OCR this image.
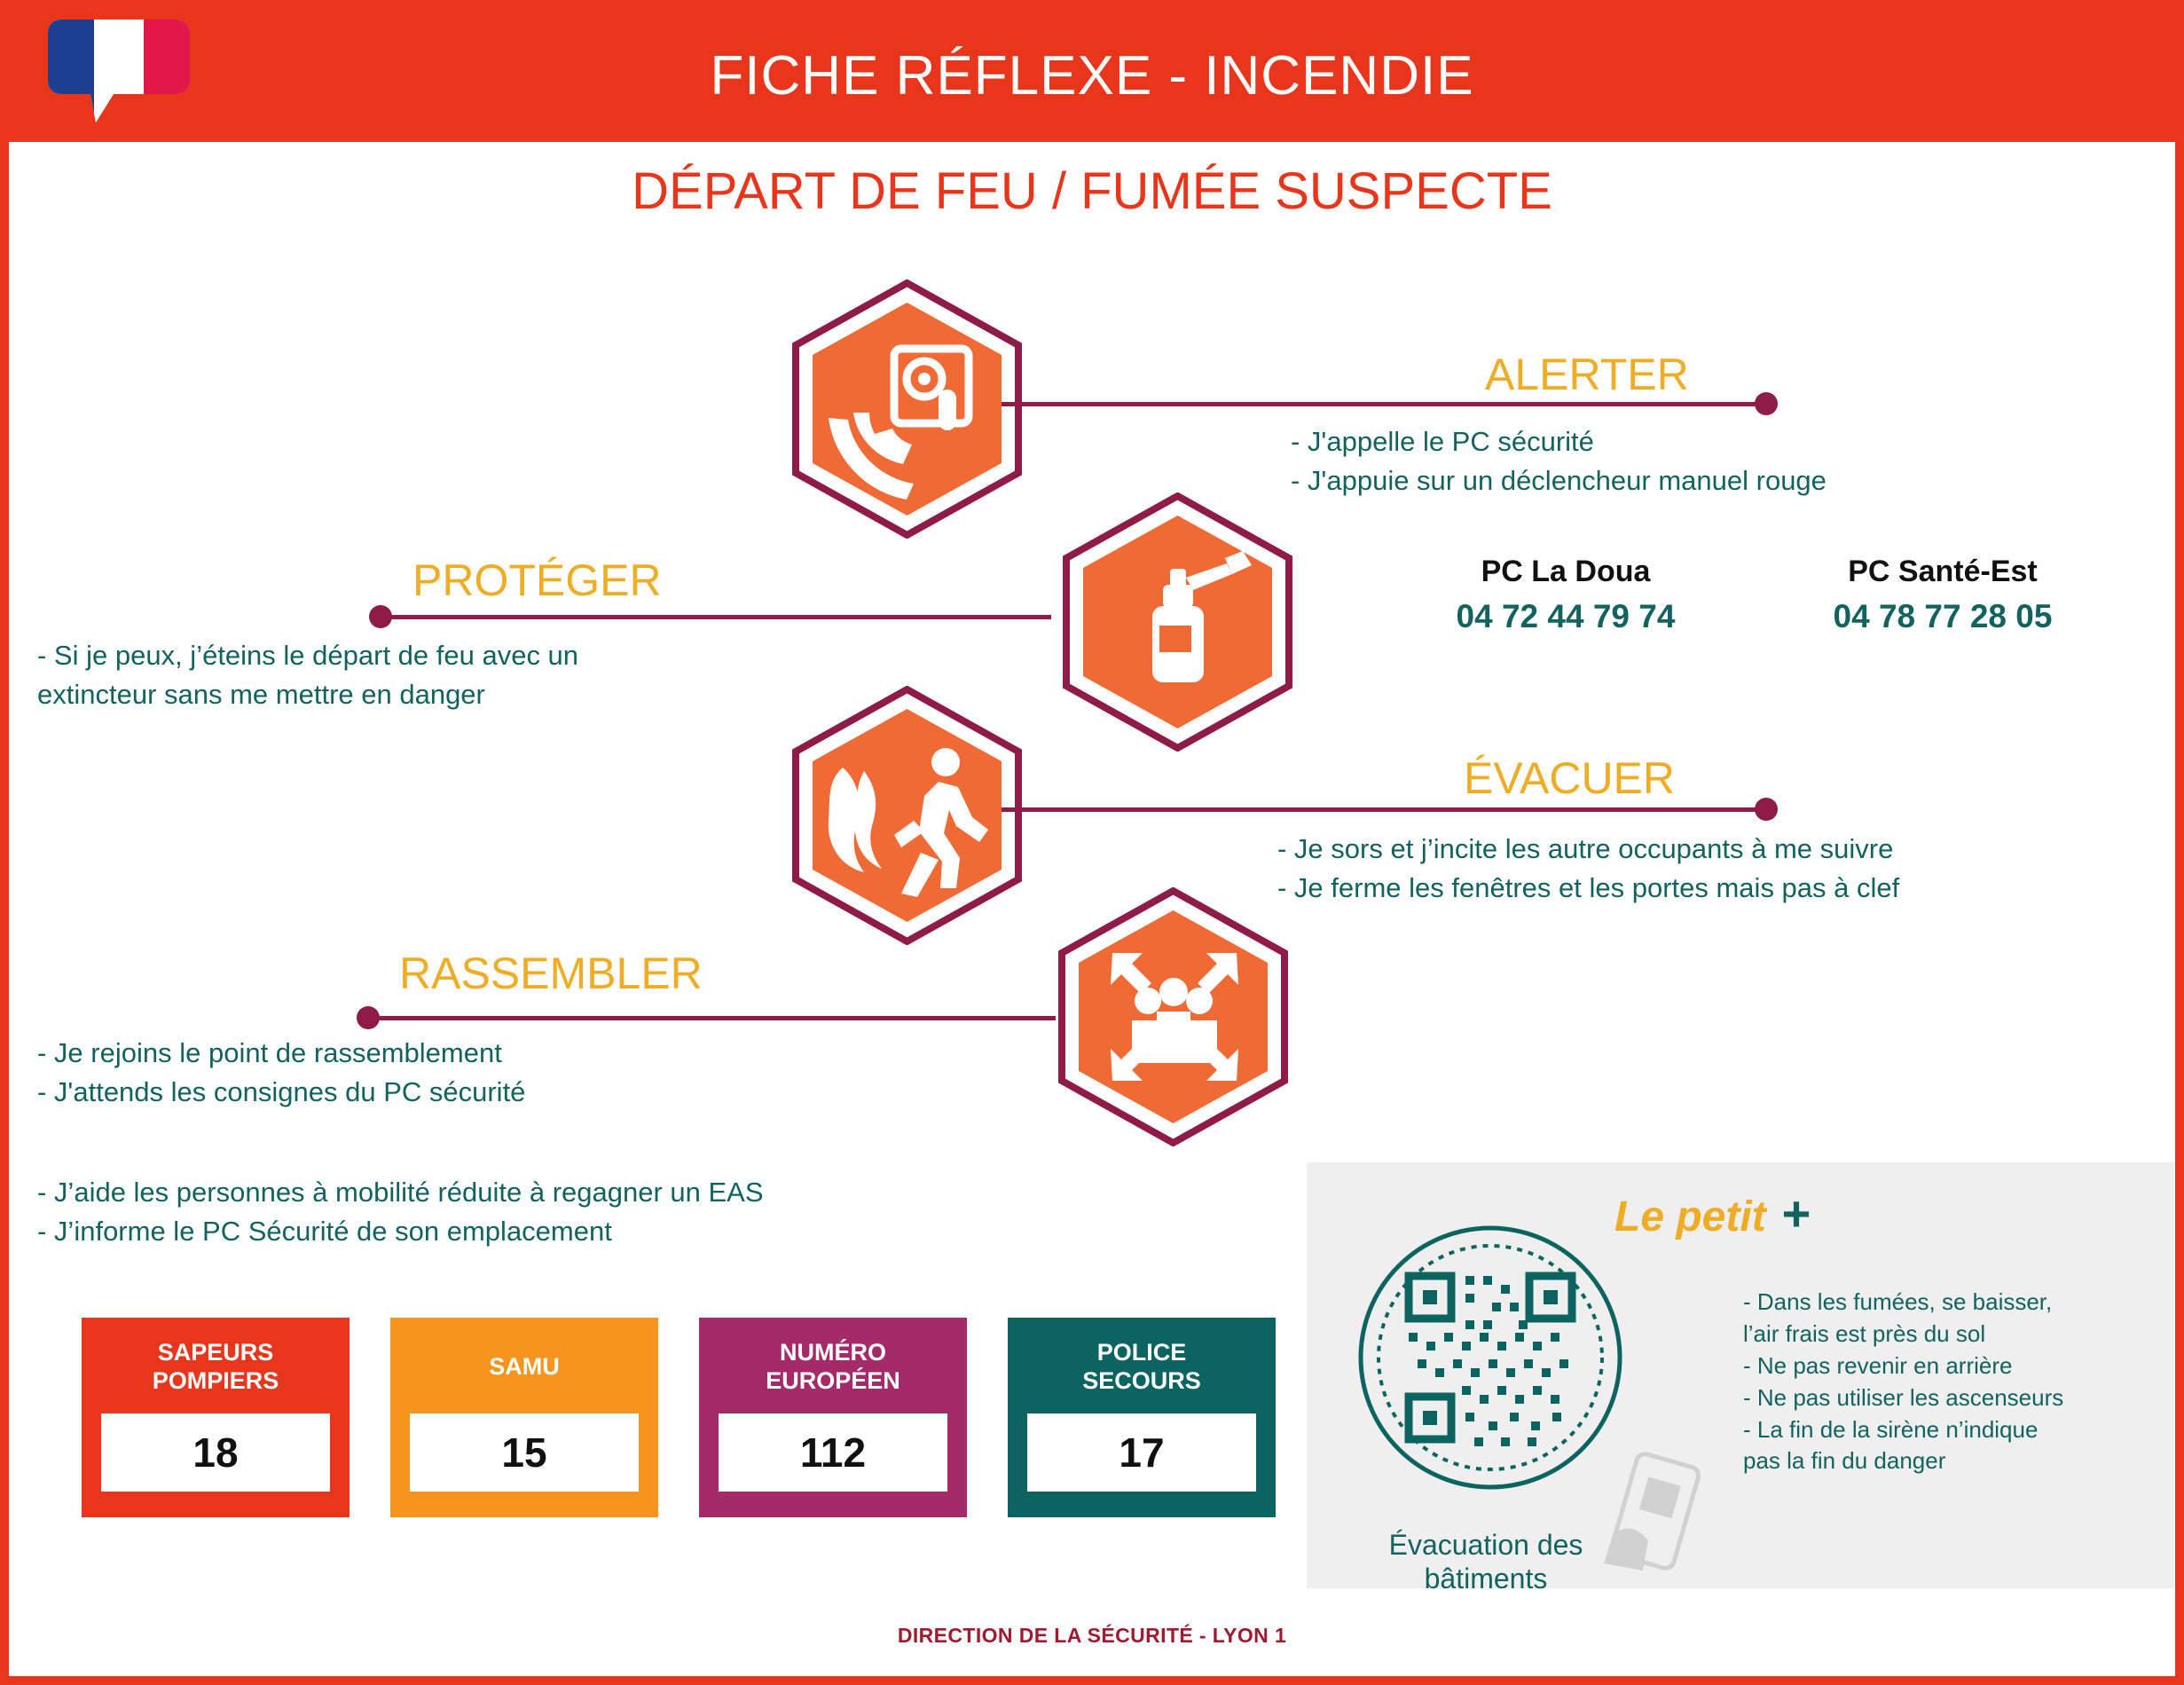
FICHE RÉFLEXE - INCENDIE
DÉPART DE FEU / FUMÉE SUSPECTE
ALERTER
- J'appelle le PC sécurité
- J'appuie sur un déclencheur manuel rouge
PROTÉGER
- Si je peux, j’éteins le départ de feu avec un
extincteur sans me mettre en danger
PC La Doua
04 72 44 79 74
PC Santé-Est
04 78 77 28 05
ÉVACUER
- Je sors et j’incite les autre occupants à me suivre
- Je ferme les fenêtres et les portes mais pas à clef
RASSEMBLER
- Je rejoins le point de rassemblement
- J'attends les consignes du PC sécurité
- J’aide les personnes à mobilité réduite à regagner un EAS
- J’informe le PC Sécurité de son emplacement
SAPEURS
POMPIERS
18
SAMU
15
NUMÉRO
EUROPÉEN
112
POLICE
SECOURS
17
Le petit +
- Dans les fumées, se baisser,
l’air frais est près du sol
- Ne pas revenir en arrière
- Ne pas utiliser les ascenseurs
- La fin de la sirène n’indique
pas la fin du danger
Évacuation des
bâtiments
DIRECTION DE LA SÉCURITÉ - LYON 1
